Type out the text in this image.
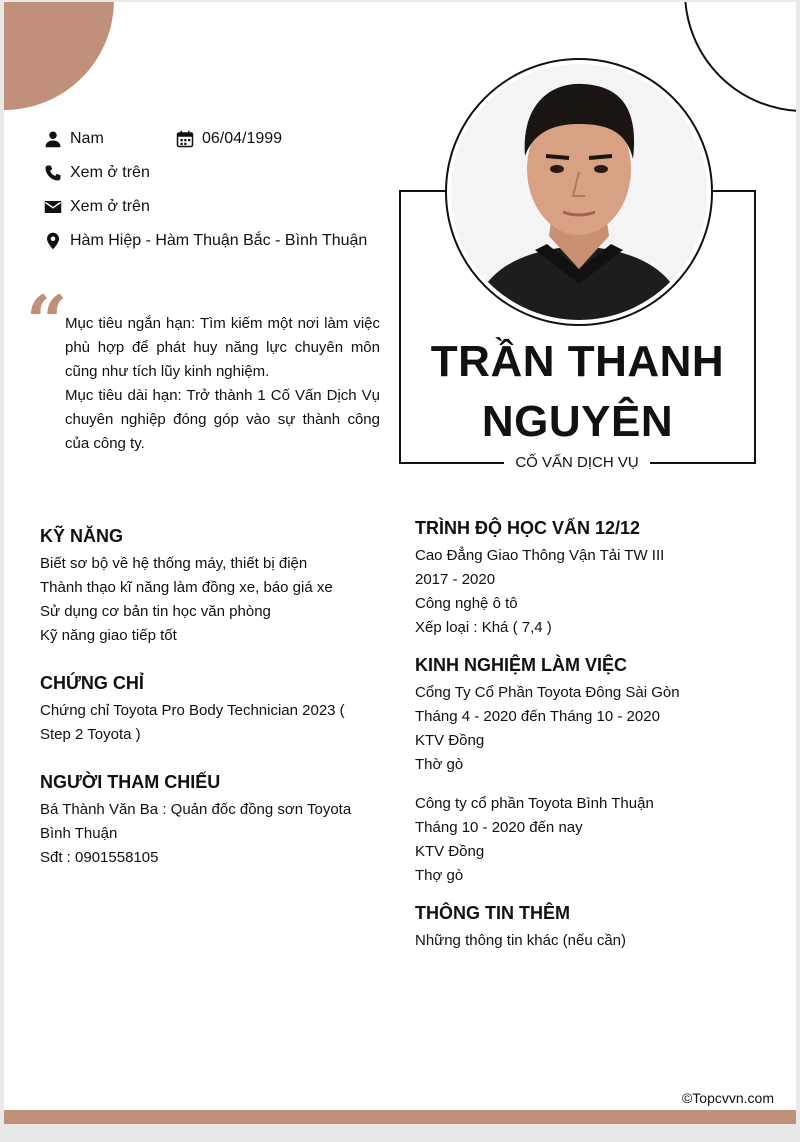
Nam	06/04/1999
Xem ở trên
Xem ở trên
Hàm Hiệp - Hàm Thuận Bắc - Bình Thuận
“
Mục tiêu ngắn hạn: Tìm kiếm một nơi làm việc phù hợp để phát huy năng lực chuyên môn cũng như tích lũy kinh nghiệm.
Mục tiêu dài hạn: Trở thành 1 Cố Vấn Dịch Vụ chuyên nghiệp đóng góp vào sự thành công của công ty.
TRẦN THANH
NGUYÊN
CỐ VẤN DỊCH VỤ
KỸ NĂNG
Biết sơ bộ về hệ thống máy, thiết bị điện
Thành thạo kĩ năng làm đồng xe, báo giá xe
Sử dụng cơ bản tin học văn phòng
Kỹ năng giao tiếp tốt
CHỨNG CHỈ
Chứng chỉ Toyota Pro Body Technician 2023 (
Step 2 Toyota )
NGƯỜI THAM CHIẾU
Bá Thành Văn Ba : Quản đốc đồng sơn Toyota
Bình Thuận
Sđt : 0901558105
TRÌNH ĐỘ HỌC VẤN 12/12
Cao Đẳng Giao Thông Vận Tải TW III
2017 - 2020
Công nghệ ô tô
Xếp loại : Khá ( 7,4 )
KINH NGHIỆM LÀM VIỆC
Cổng Ty Cổ Phần Toyota Đông Sài Gòn
Tháng 4 - 2020 đến Tháng 10 - 2020
KTV Đồng
Thờ gò
Công ty cổ phần Toyota Bình Thuận
Tháng 10 - 2020 đến nay
KTV Đồng
Thợ gò
THÔNG TIN THÊM
Những thông tin khác (nếu cần)
©Topcvvn.com
